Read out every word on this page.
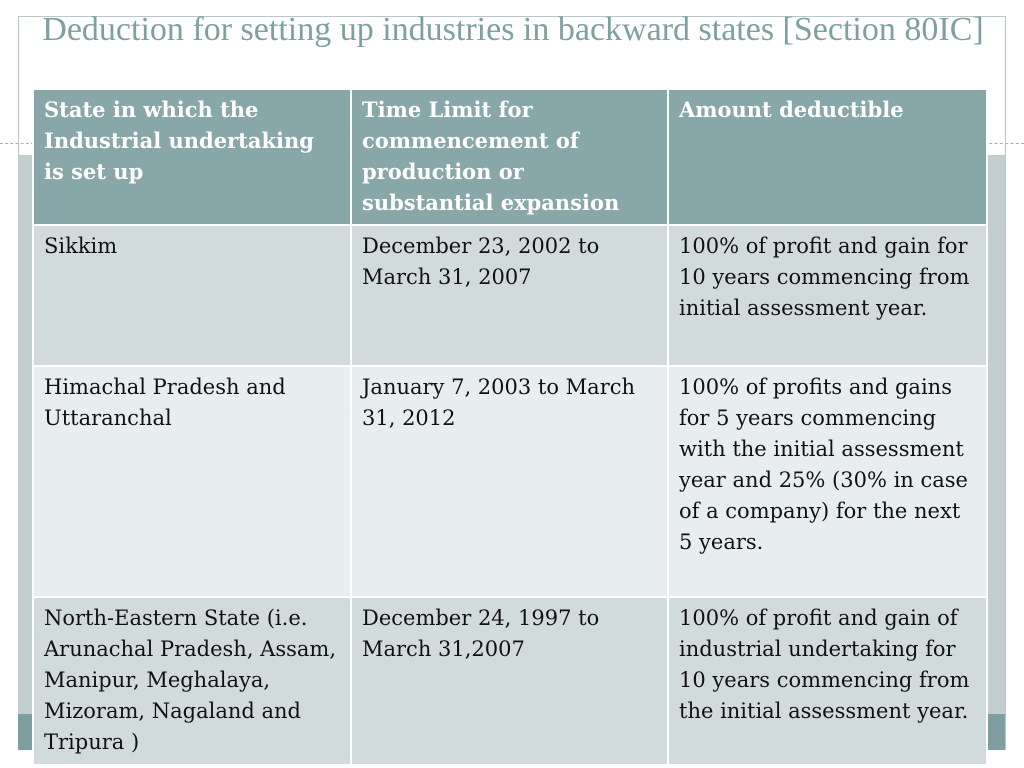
Deduction for setting up industries in backward states [Section 80IC]
State in which the Industrial undertaking is set up	Time Limit for commencement of production or substantial expansion	Amount deductible
Sikkim	December 23, 2002 to March 31, 2007	100% of profit and gain for 10 years commencing from initial assessment year.
Himachal Pradesh and Uttaranchal	January 7, 2003 to March 31, 2012	100% of profits and gains for 5 years commencing with the initial assessment year and 25% (30% in case of a company) for the next 5 years.
North-Eastern State (i.e. Arunachal Pradesh, Assam, Manipur, Meghalaya, Mizoram, Nagaland and Tripura )	December 24, 1997 to March 31,2007	100% of profit and gain of industrial undertaking for 10 years commencing from the initial assessment year.
